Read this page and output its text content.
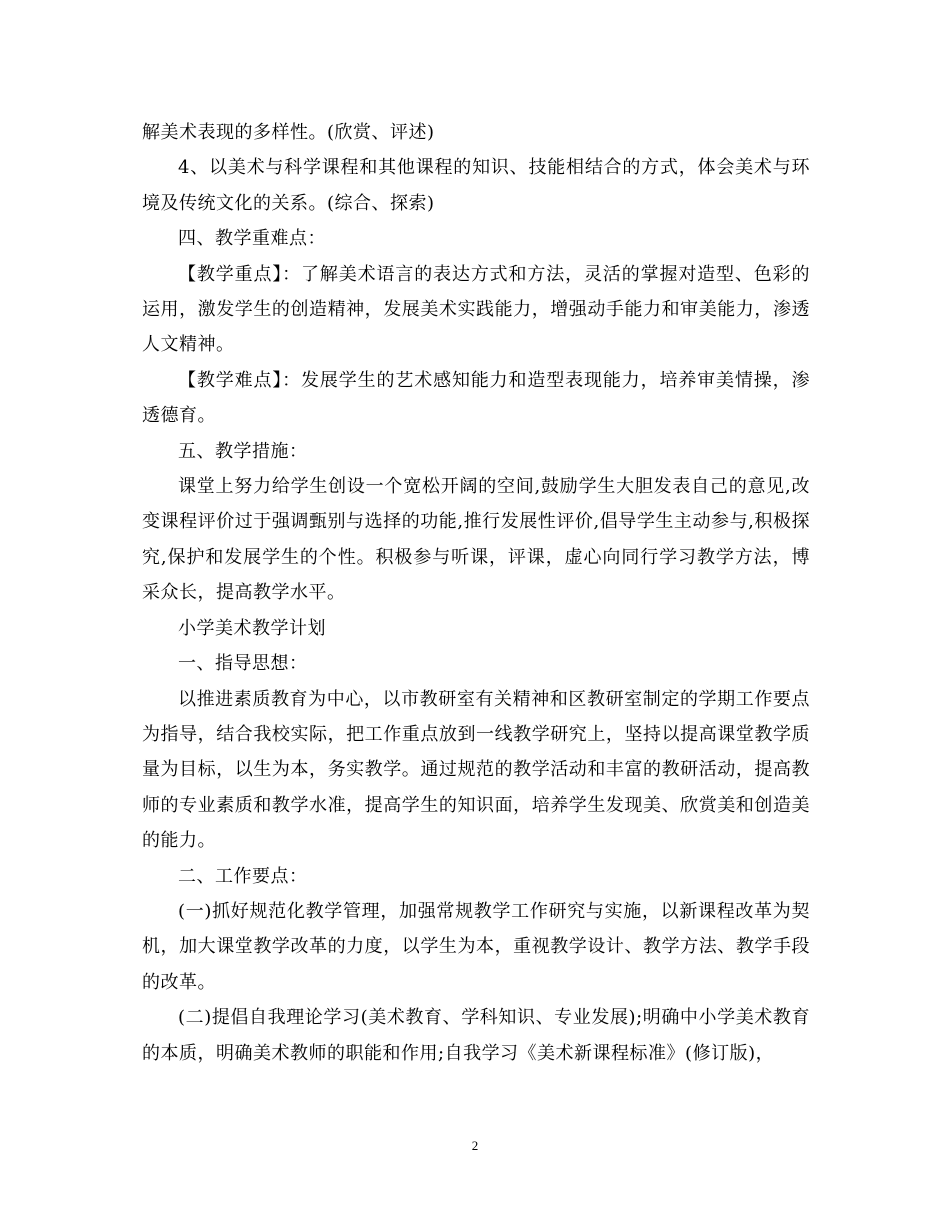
解美术表现的多样性。(欣赏、评述)

4、以美术与科学课程和其他课程的知识、技能相结合的方式，体会美术与环境及传统文化的关系。(综合、探索)

四、教学重难点：

【教学重点】：了解美术语言的表达方式和方法，灵活的掌握对造型、色彩的运用，激发学生的创造精神，发展美术实践能力，增强动手能力和审美能力，渗透人文精神。

【教学难点】：发展学生的艺术感知能力和造型表现能力，培养审美情操，渗透德育。

五、教学措施：

课堂上努力给学生创设一个宽松开阔的空间,鼓励学生大胆发表自己的意见,改变课程评价过于强调甄别与选择的功能,推行发展性评价,倡导学生主动参与,积极探究,保护和发展学生的个性。积极参与听课，评课，虚心向同行学习教学方法，博采众长，提高教学水平。

小学美术教学计划

一、指导思想：

以推进素质教育为中心，以市教研室有关精神和区教研室制定的学期工作要点为指导，结合我校实际，把工作重点放到一线教学研究上，坚持以提高课堂教学质量为目标，以生为本，务实教学。通过规范的教学活动和丰富的教研活动，提高教师的专业素质和教学水准，提高学生的知识面，培养学生发现美、欣赏美和创造美的能力。

二、工作要点：

(一)抓好规范化教学管理，加强常规教学工作研究与实施，以新课程改革为契机，加大课堂教学改革的力度，以学生为本，重视教学设计、教学方法、教学手段的改革。

(二)提倡自我理论学习(美术教育、学科知识、专业发展);明确中小学美术教育的本质，明确美术教师的职能和作用;自我学习《美术新课程标准》(修订版)，

2
